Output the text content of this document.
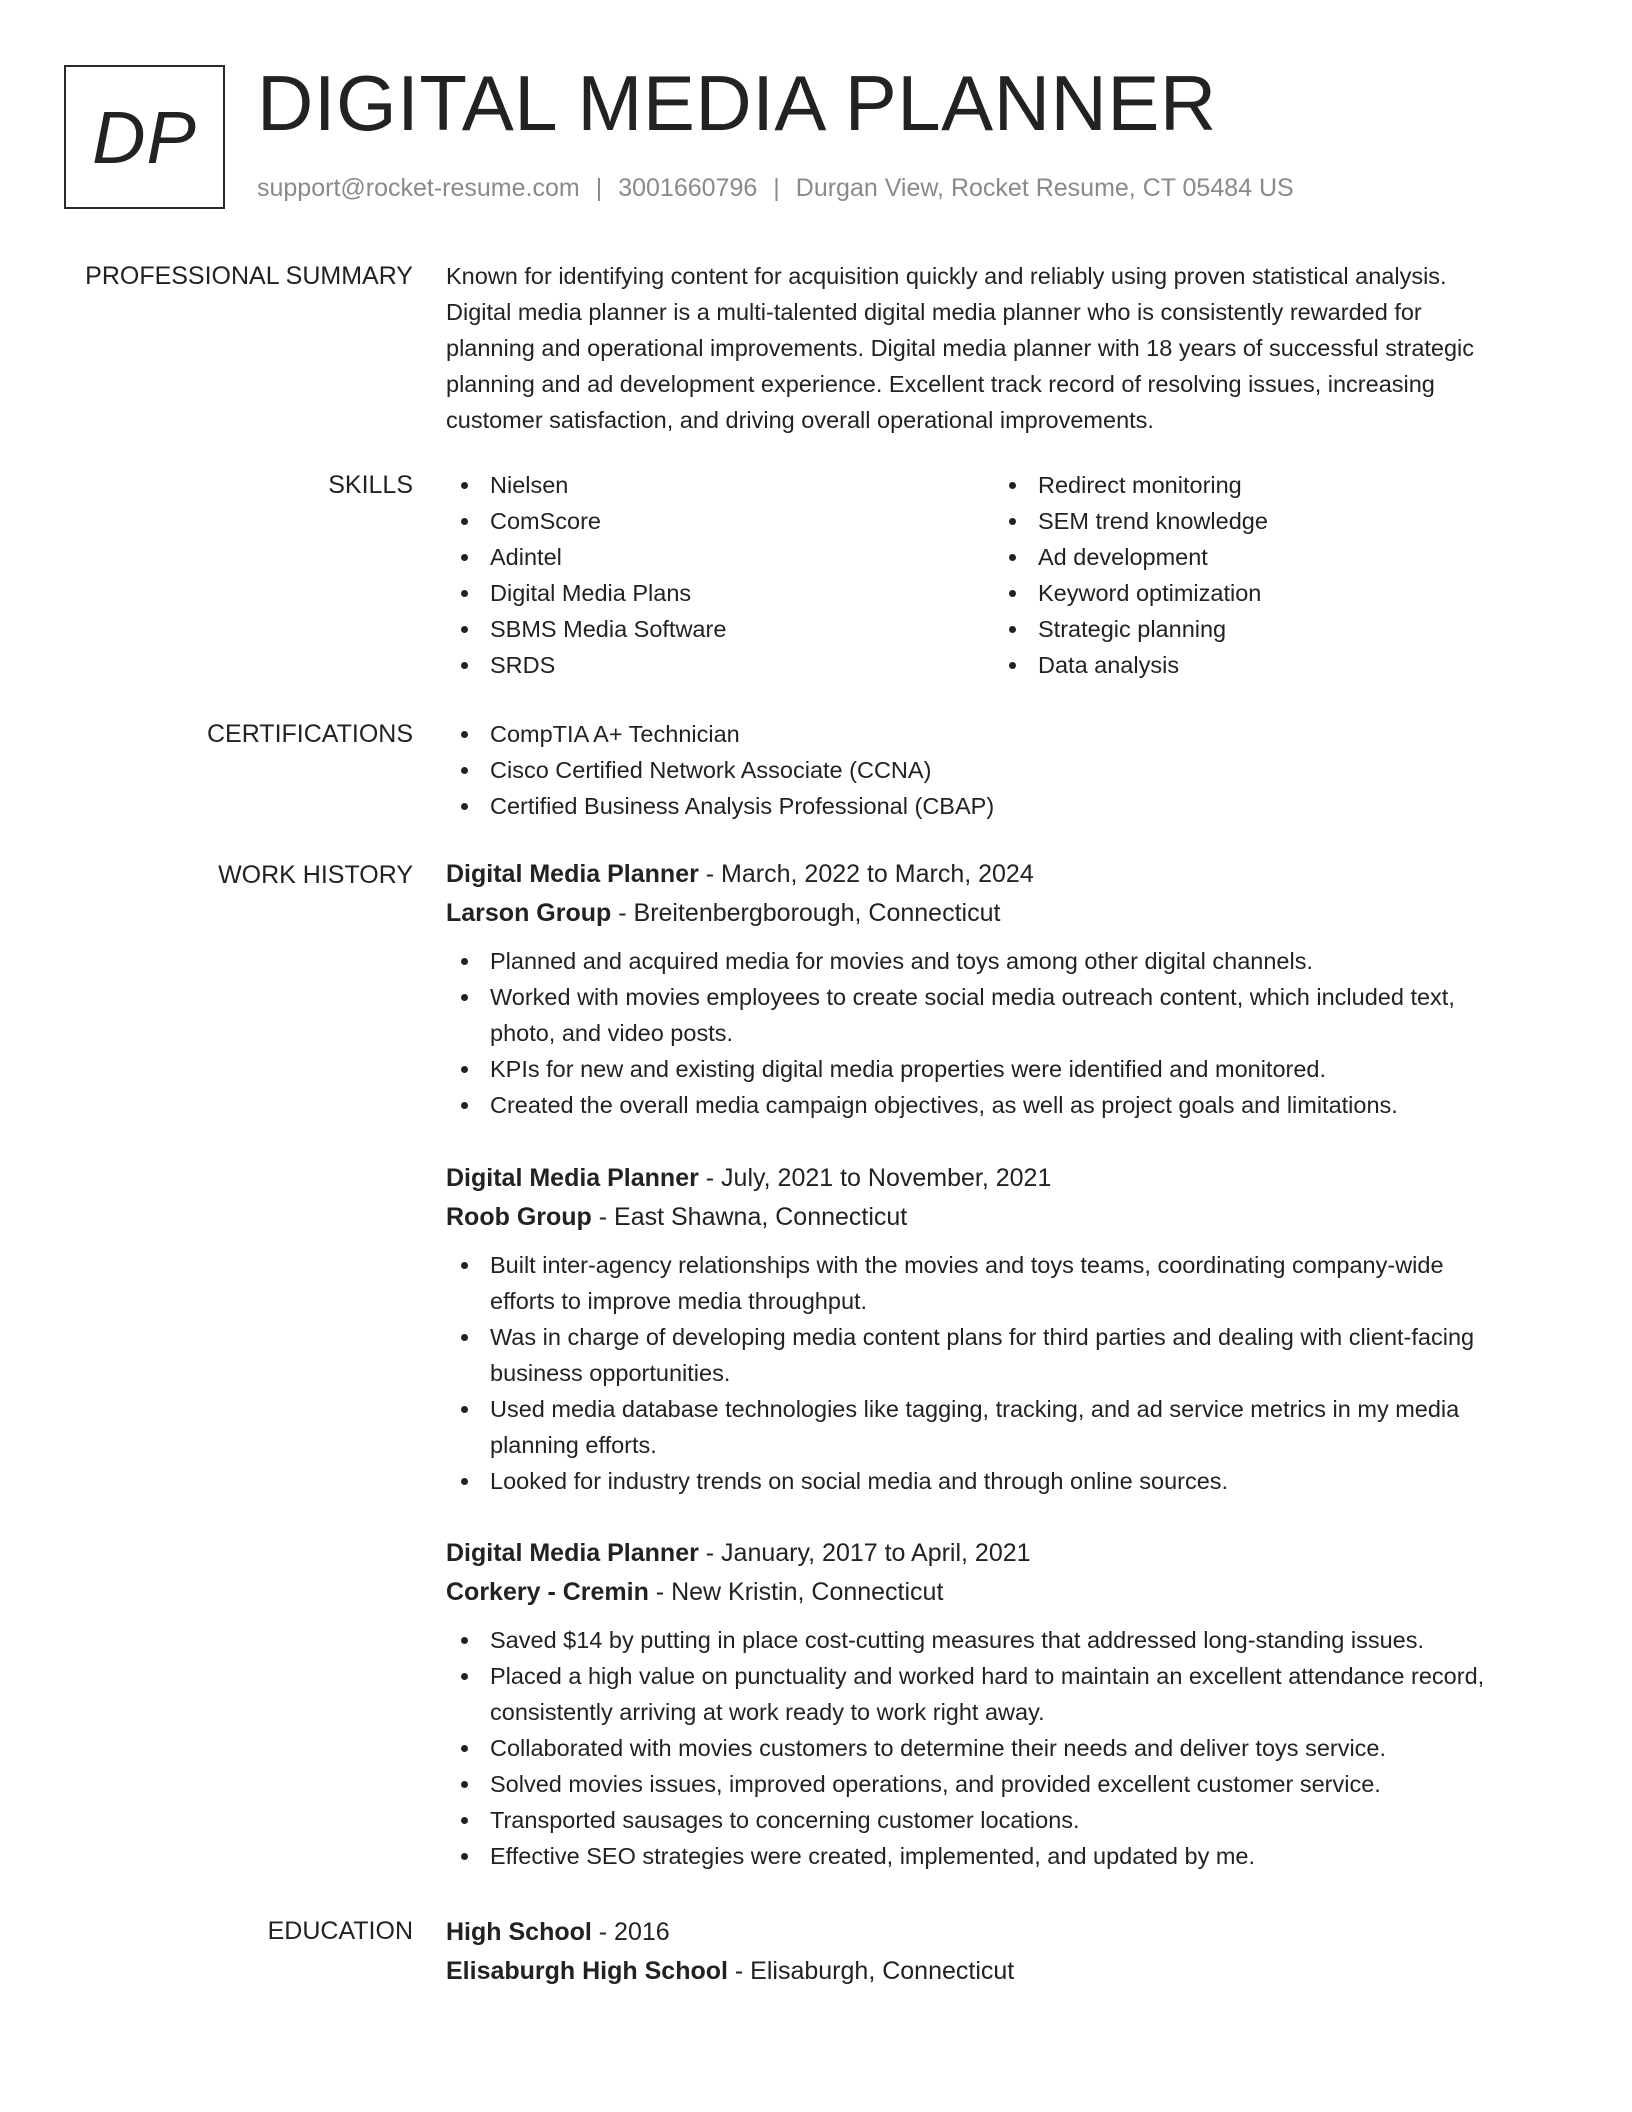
DP DIGITAL MEDIA PLANNER
support@rocket-resume.com | 3001660796 | Durgan View, Rocket Resume, CT 05484 US
PROFESSIONAL SUMMARY Known for identifying content for acquisition quickly and reliably using proven statistical analysis.
Digital media planner is a multi-talented digital media planner who is consistently rewarded for
planning and operational improvements. Digital media planner with 18 years of successful strategic
planning and ad development experience. Excellent track record of resolving issues, increasing
customer satisfaction, and driving overall operational improvements.
SKILLS	Nielsen
ComScore
Adintel
Digital Media Plans
SBMS Media Software
SRDS
Redirect monitoring
SEM trend knowledge
Ad development
Keyword optimization
Strategic planning
Data analysis
CERTIFICATIONS	CompTIA A+ Technician
Cisco Certified Network Associate (CCNA)
Certified Business Analysis Professional (CBAP)
WORK HISTORY Digital Media Planner - March, 2022 to March, 2024
Larson Group - Breitenbergborough, Connecticut
Planned and acquired media for movies and toys among other digital channels.
Worked with movies employees to create social media outreach content, which included text,
photo, and video posts.
KPIs for new and existing digital media properties were identified and monitored.
Created the overall media campaign objectives, as well as project goals and limitations.
Digital Media Planner - July, 2021 to November, 2021
Roob Group - East Shawna, Connecticut
Built inter-agency relationships with the movies and toys teams, coordinating company-wide
efforts to improve media throughput.
Was in charge of developing media content plans for third parties and dealing with client-facing
business opportunities.
Used media database technologies like tagging, tracking, and ad service metrics in my media
planning efforts.
Looked for industry trends on social media and through online sources.
Digital Media Planner - January, 2017 to April, 2021
Corkery - Cremin - New Kristin, Connecticut
Saved $14 by putting in place cost-cutting measures that addressed long-standing issues.
Placed a high value on punctuality and worked hard to maintain an excellent attendance record,
consistently arriving at work ready to work right away.
Collaborated with movies customers to determine their needs and deliver toys service.
Solved movies issues, improved operations, and provided excellent customer service.
Transported sausages to concerning customer locations.
Effective SEO strategies were created, implemented, and updated by me.
EDUCATION High School - 2016
Elisaburgh High School - Elisaburgh, Connecticut
